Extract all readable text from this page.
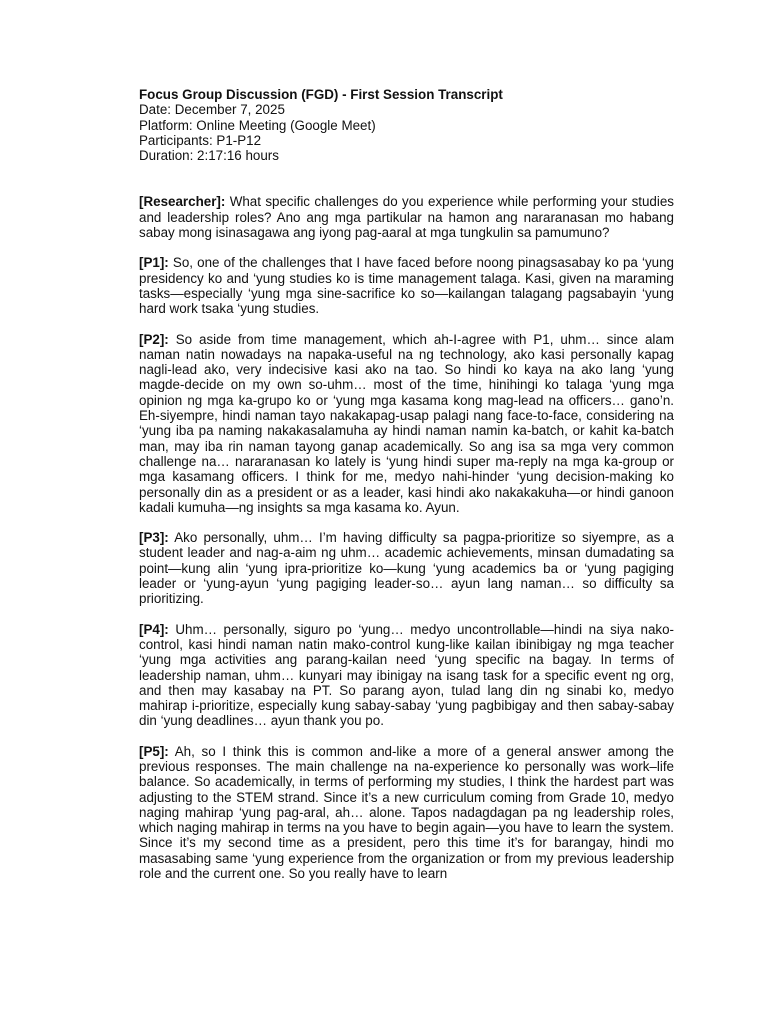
Focus Group Discussion (FGD) - First Session Transcript
Date: December 7, 2025
Platform: Online Meeting (Google Meet)
Participants: P1-P12
Duration: 2:17:16 hours

[Researcher]: What specific challenges do you experience while performing your studies and leadership roles? Ano ang mga partikular na hamon ang nararanasan mo habang sabay mong isinasagawa ang iyong pag-aaral at mga tungkulin sa pamumuno?

[P1]: So, one of the challenges that I have faced before noong pinagsasabay ko pa ‘yung presidency ko and ‘yung studies ko is time management talaga. Kasi, given na maraming tasks—especially ‘yung mga sine-sacrifice ko so—kailangan talagang pagsabayin ‘yung hard work tsaka ‘yung studies.

[P2]: So aside from time management, which ah-I-agree with P1, uhm… since alam naman natin nowadays na napaka-useful na ng technology, ako kasi personally kapag nagli-lead ako, very indecisive kasi ako na tao. So hindi ko kaya na ako lang ‘yung magde-decide on my own so-uhm… most of the time, hinihingi ko talaga ‘yung mga opinion ng mga ka-grupo ko or ‘yung mga kasama kong mag-lead na officers… gano’n. Eh-siyempre, hindi naman tayo nakakapag-usap palagi nang face-to-face, considering na ‘yung iba pa naming nakakasalamuha ay hindi naman namin ka-batch, or kahit ka-batch man, may iba rin naman tayong ganap academically. So ang isa sa mga very common challenge na… nararanasan ko lately is ‘yung hindi super ma-reply na mga ka-group or mga kasamang officers. I think for me, medyo nahi-hinder ‘yung decision-making ko personally din as a president or as a leader, kasi hindi ako nakakakuha—or hindi ganoon kadali kumuha—ng insights sa mga kasama ko. Ayun.

[P3]: Ako personally, uhm… I’m having difficulty sa pagpa-prioritize so siyempre, as a student leader and nag-a-aim ng uhm… academic achievements, minsan dumadating sa point—kung alin ‘yung ipra-prioritize ko—kung ‘yung academics ba or ‘yung pagiging leader or ‘yung-ayun ‘yung pagiging leader-so… ayun lang naman… so difficulty sa prioritizing.

[P4]: Uhm… personally, siguro po ‘yung… medyo uncontrollable—hindi na siya nako-control, kasi hindi naman natin mako-control kung-like kailan ibinibigay ng mga teacher ‘yung mga activities ang parang-kailan need ‘yung specific na bagay. In terms of leadership naman, uhm… kunyari may ibinigay na isang task for a specific event ng org, and then may kasabay na PT. So parang ayon, tulad lang din ng sinabi ko, medyo mahirap i-prioritize, especially kung sabay-sabay ‘yung pagbibigay and then sabay-sabay din ‘yung deadlines… ayun thank you po.

[P5]: Ah, so I think this is common and-like a more of a general answer among the previous responses. The main challenge na na-experience ko personally was work–life balance. So academically, in terms of performing my studies, I think the hardest part was adjusting to the STEM strand. Since it’s a new curriculum coming from Grade 10, medyo naging mahirap ‘yung pag-aral, ah… alone. Tapos nadagdagan pa ng leadership roles, which naging mahirap in terms na you have to begin again—you have to learn the system. Since it’s my second time as a president, pero this time it’s for barangay, hindi mo masasabing same ‘yung experience from the organization or from my previous leadership role and the current one. So you really have to learn
